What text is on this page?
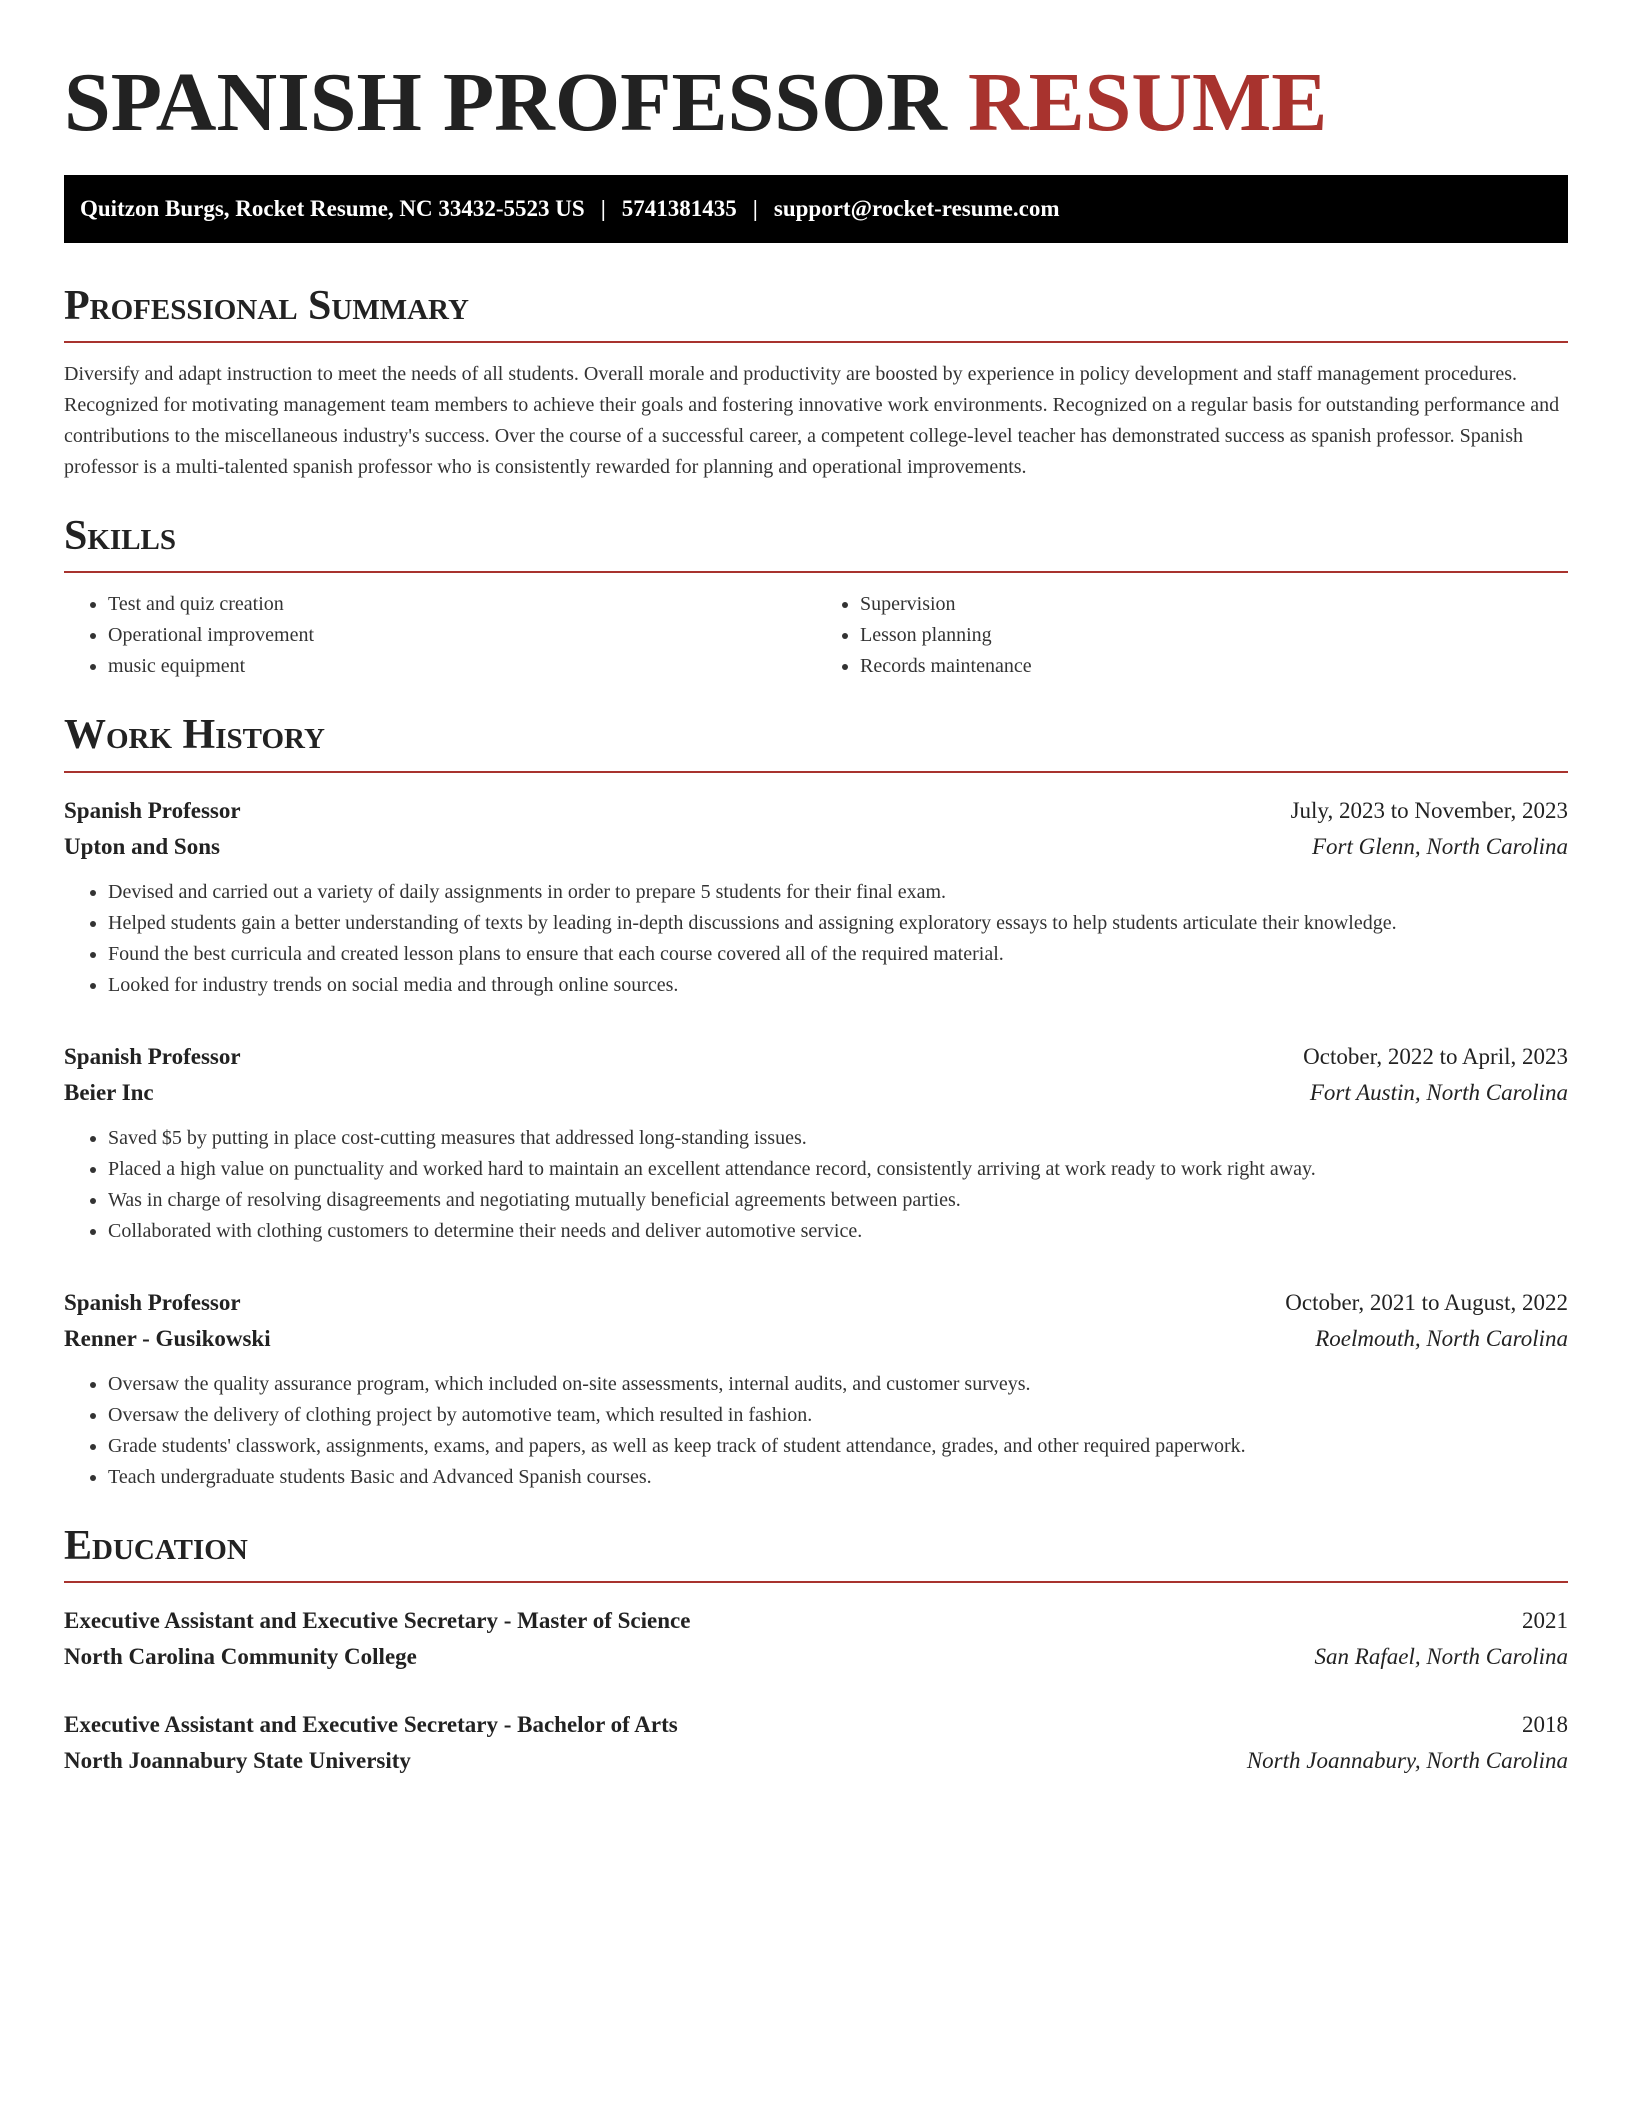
SPANISH PROFESSOR RESUME
Quitzon Burgs, Rocket Resume, NC 33432-5523 US | 5741381435 | support@rocket-resume.com
Professional Summary

Diversify and adapt instruction to meet the needs of all students. Overall morale and productivity are boosted by experience in policy development and staff management procedures. Recognized for motivating management team members to achieve their goals and fostering innovative work environments. Recognized on a regular basis for outstanding performance and contributions to the miscellaneous industry's success. Over the course of a successful career, a competent college-level teacher has demonstrated success as spanish professor. Spanish professor is a multi-talented spanish professor who is consistently rewarded for planning and operational improvements.

Skills
• Test and quiz creation
• Operational improvement
• music equipment
• Supervision
• Lesson planning
• Records maintenance
Work History
Spanish Professor	July, 2023 to November, 2023
Upton and Sons	Fort Glenn, North Carolina
• Devised and carried out a variety of daily assignments in order to prepare 5 students for their final exam.
• Helped students gain a better understanding of texts by leading in-depth discussions and assigning exploratory essays to help students articulate their knowledge.
• Found the best curricula and created lesson plans to ensure that each course covered all of the required material.
• Looked for industry trends on social media and through online sources.
Spanish Professor	October, 2022 to April, 2023
Beier Inc	Fort Austin, North Carolina
• Saved $5 by putting in place cost-cutting measures that addressed long-standing issues.
• Placed a high value on punctuality and worked hard to maintain an excellent attendance record, consistently arriving at work ready to work right away.
• Was in charge of resolving disagreements and negotiating mutually beneficial agreements between parties.
• Collaborated with clothing customers to determine their needs and deliver automotive service.
Spanish Professor	October, 2021 to August, 2022
Renner - Gusikowski	Roelmouth, North Carolina
• Oversaw the quality assurance program, which included on-site assessments, internal audits, and customer surveys.
• Oversaw the delivery of clothing project by automotive team, which resulted in fashion.
• Grade students' classwork, assignments, exams, and papers, as well as keep track of student attendance, grades, and other required paperwork.
• Teach undergraduate students Basic and Advanced Spanish courses.
Education
Executive Assistant and Executive Secretary - Master of Science	2021
North Carolina Community College	San Rafael, North Carolina
Executive Assistant and Executive Secretary - Bachelor of Arts	2018
North Joannabury State University	North Joannabury, North Carolina
